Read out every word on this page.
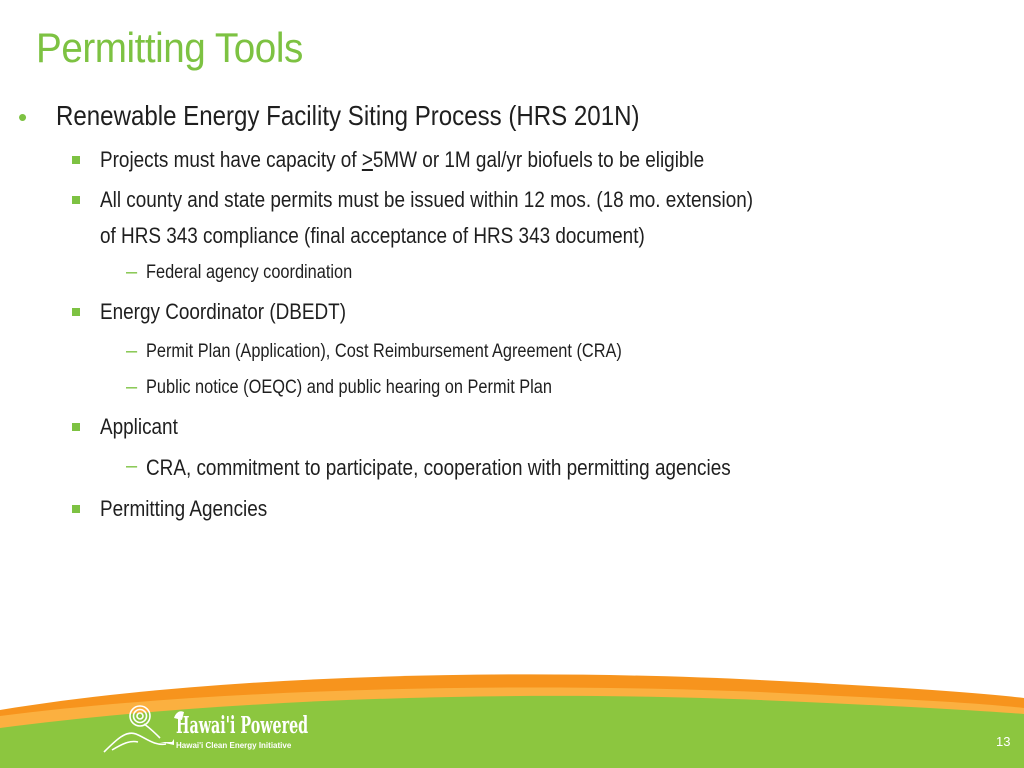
Permitting Tools
• Renewable Energy Facility Siting Process (HRS 201N)
Projects must have capacity of ≥5MW or 1M gal/yr biofuels to be eligible
All county and state permits must be issued within 12 mos. (18 mo. extension)
of HRS 343 compliance (final acceptance of HRS 343 document)
– Federal agency coordination
Energy Coordinator (DBEDT)
– Permit Plan (Application), Cost Reimbursement Agreement (CRA)
– Public notice (OEQC) and public hearing on Permit Plan
Applicant
– CRA, commitment to participate, cooperation with permitting agencies
Permitting Agencies
Hawai'i Powered
Hawai'i Clean Energy Initiative	13
